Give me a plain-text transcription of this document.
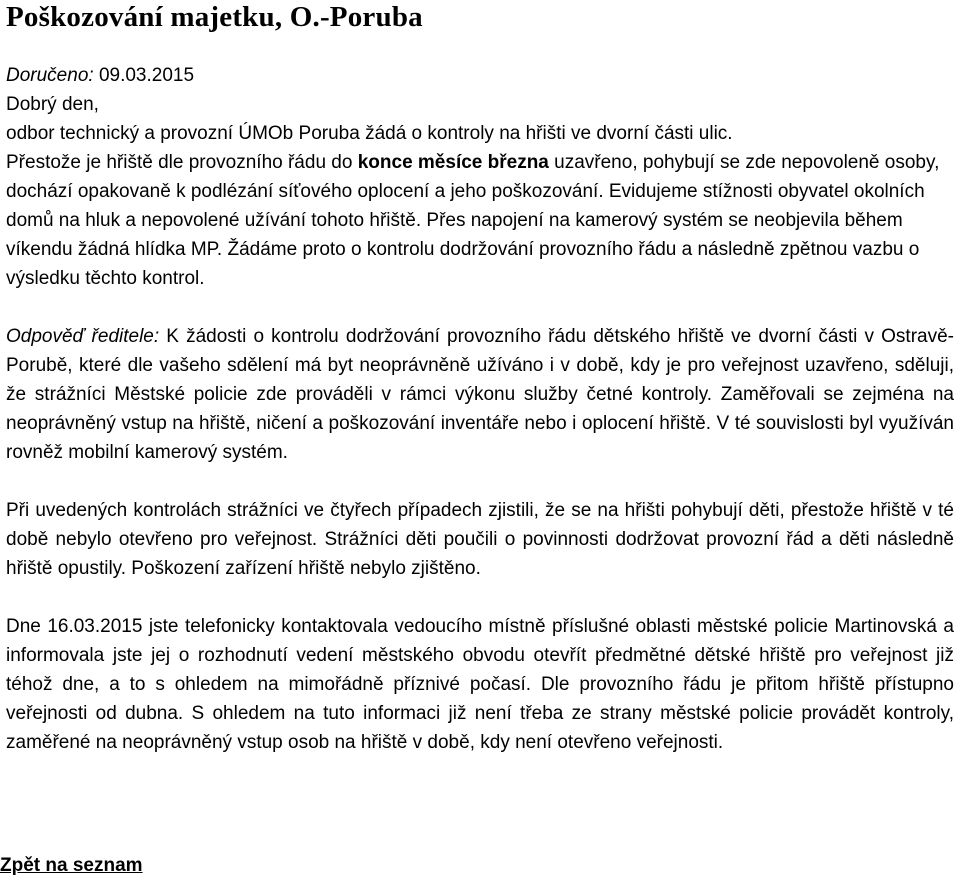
Poškozování majetku, O.-Poruba

Doručeno: 09.03.2015

Dobrý den,

odbor technický a provozní ÚMOb Poruba žádá o kontroly na hřišti ve dvorní části ulic.

Přestože je hřiště dle provozního řádu do konce měsíce března uzavřeno, pohybují se zde nepovoleně osoby, dochází opakovaně k podlézání síťového oplocení a jeho poškozování. Evidujeme stížnosti obyvatel okolních domů na hluk a nepovolené užívání tohoto hřiště. Přes napojení na kamerový systém se neobjevila během víkendu žádná hlídka MP. Žádáme proto o kontrolu dodržování provozního řádu a následně zpětnou vazbu o výsledku těchto kontrol.

Odpověď ředitele: K žádosti o kontrolu dodržování provozního řádu dětského hřiště ve dvorní části v Ostravě-Porubě, které dle vašeho sdělení má byt neoprávněně užíváno i v době, kdy je pro veřejnost uzavřeno, sděluji, že strážníci Městské policie zde prováděli v rámci výkonu služby četné kontroly. Zaměřovali se zejména na neoprávněný vstup na hřiště, ničení a poškozování inventáře nebo i oplocení hřiště. V té souvislosti byl využíván rovněž mobilní kamerový systém.

Při uvedených kontrolách strážníci ve čtyřech případech zjistili, že se na hřišti pohybují děti, přestože hřiště v té době nebylo otevřeno pro veřejnost. Strážníci děti poučili o povinnosti dodržovat provozní řád a děti následně hřiště opustily. Poškození zařízení hřiště nebylo zjištěno.

Dne 16.03.2015 jste telefonicky kontaktovala vedoucího místně příslušné oblasti městské policie Martinovská a informovala jste jej o rozhodnutí vedení městského obvodu otevřít předmětné dětské hřiště pro veřejnost již téhož dne, a to s ohledem na mimořádně příznivé počasí. Dle provozního řádu je přitom hřiště přístupno veřejnosti od dubna. S ohledem na tuto informaci již není třeba ze strany městské policie provádět kontroly, zaměřené na neoprávněný vstup osob na hřiště v době, kdy není otevřeno veřejnosti.

Zpět na seznam
